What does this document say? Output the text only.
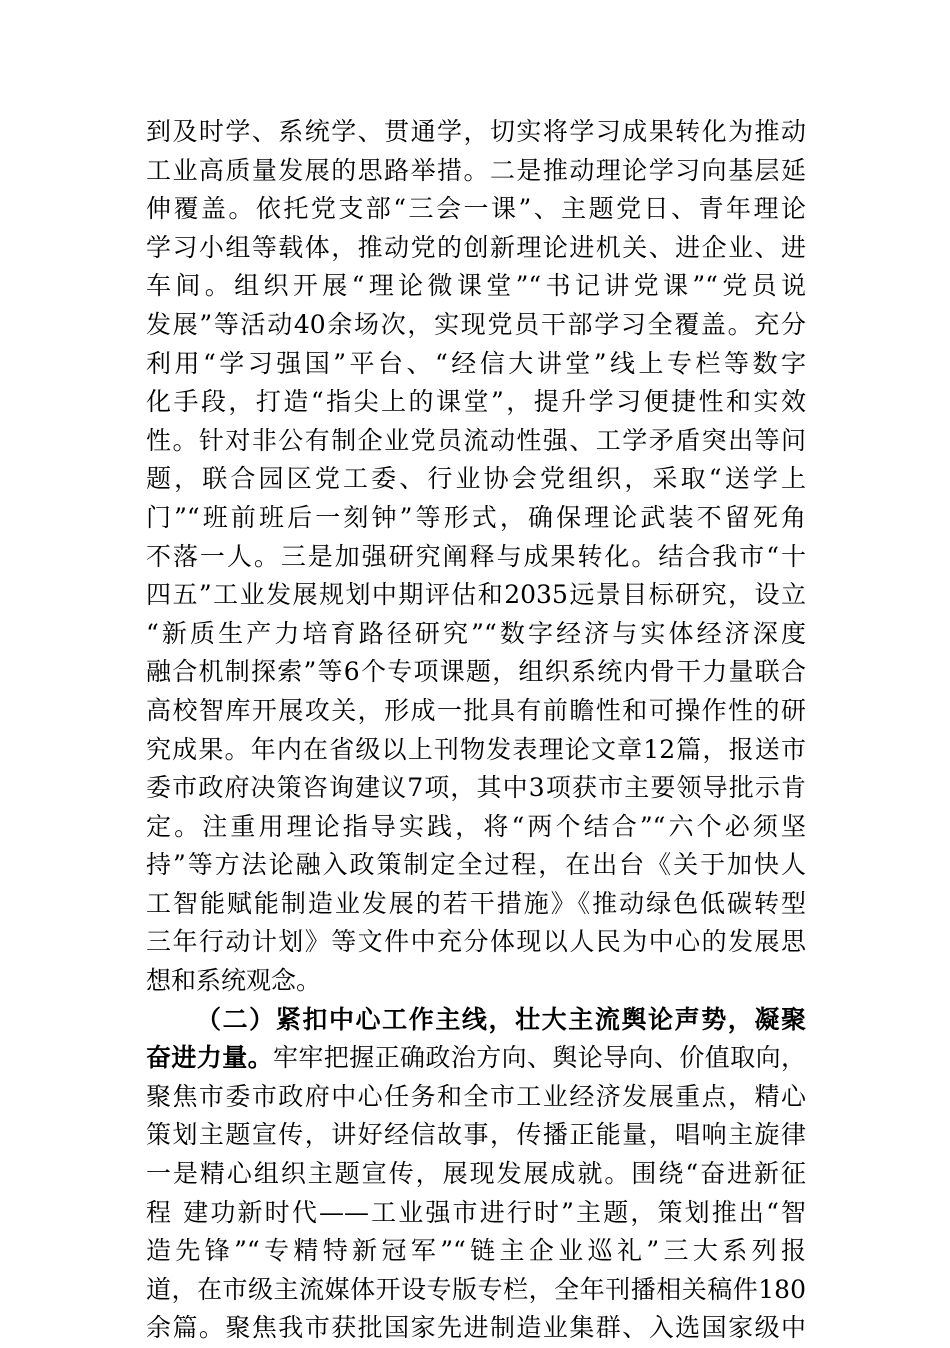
到及时学、系统学、贯通学，切实将学习成果转化为推动
工业高质量发展的思路举措。二是推动理论学习向基层延
伸覆盖。依托党支部“三会一课”、主题党日、青年理论
学习小组等载体，推动党的创新理论进机关、进企业、进
车间。组织开展“理论微课堂”“书记讲党课”“党员说
发展”等活动40余场次，实现党员干部学习全覆盖。充分
利用“学习强国”平台、“经信大讲堂”线上专栏等数字
化手段，打造“指尖上的课堂”，提升学习便捷性和实效
性。针对非公有制企业党员流动性强、工学矛盾突出等问
题，联合园区党工委、行业协会党组织，采取“送学上
门”“班前班后一刻钟”等形式，确保理论武装不留死角
不落一人。三是加强研究阐释与成果转化。结合我市“十
四五”工业发展规划中期评估和2035远景目标研究，设立
“新质生产力培育路径研究”“数字经济与实体经济深度
融合机制探索”等6个专项课题，组织系统内骨干力量联合
高校智库开展攻关，形成一批具有前瞻性和可操作性的研
究成果。年内在省级以上刊物发表理论文章12篇，报送市
委市政府决策咨询建议7项，其中3项获市主要领导批示肯
定。注重用理论指导实践，将“两个结合”“六个必须坚
持”等方法论融入政策制定全过程，在出台《关于加快人
工智能赋能制造业发展的若干措施》《推动绿色低碳转型
三年行动计划》等文件中充分体现以人民为中心的发展思
想和系统观念。
（二）紧扣中心工作主线，壮大主流舆论声势，凝聚
奋进力量。牢牢把握正确政治方向、舆论导向、价值取向，
聚焦市委市政府中心任务和全市工业经济发展重点，精心
策划主题宣传，讲好经信故事，传播正能量，唱响主旋律
一是精心组织主题宣传，展现发展成就。围绕“奋进新征
程 建功新时代——工业强市进行时”主题，策划推出“智
造先锋”“专精特新冠军”“链主企业巡礼”三大系列报
道，在市级主流媒体开设专版专栏，全年刊播相关稿件180
余篇。聚焦我市获批国家先进制造业集群、入选国家级中
